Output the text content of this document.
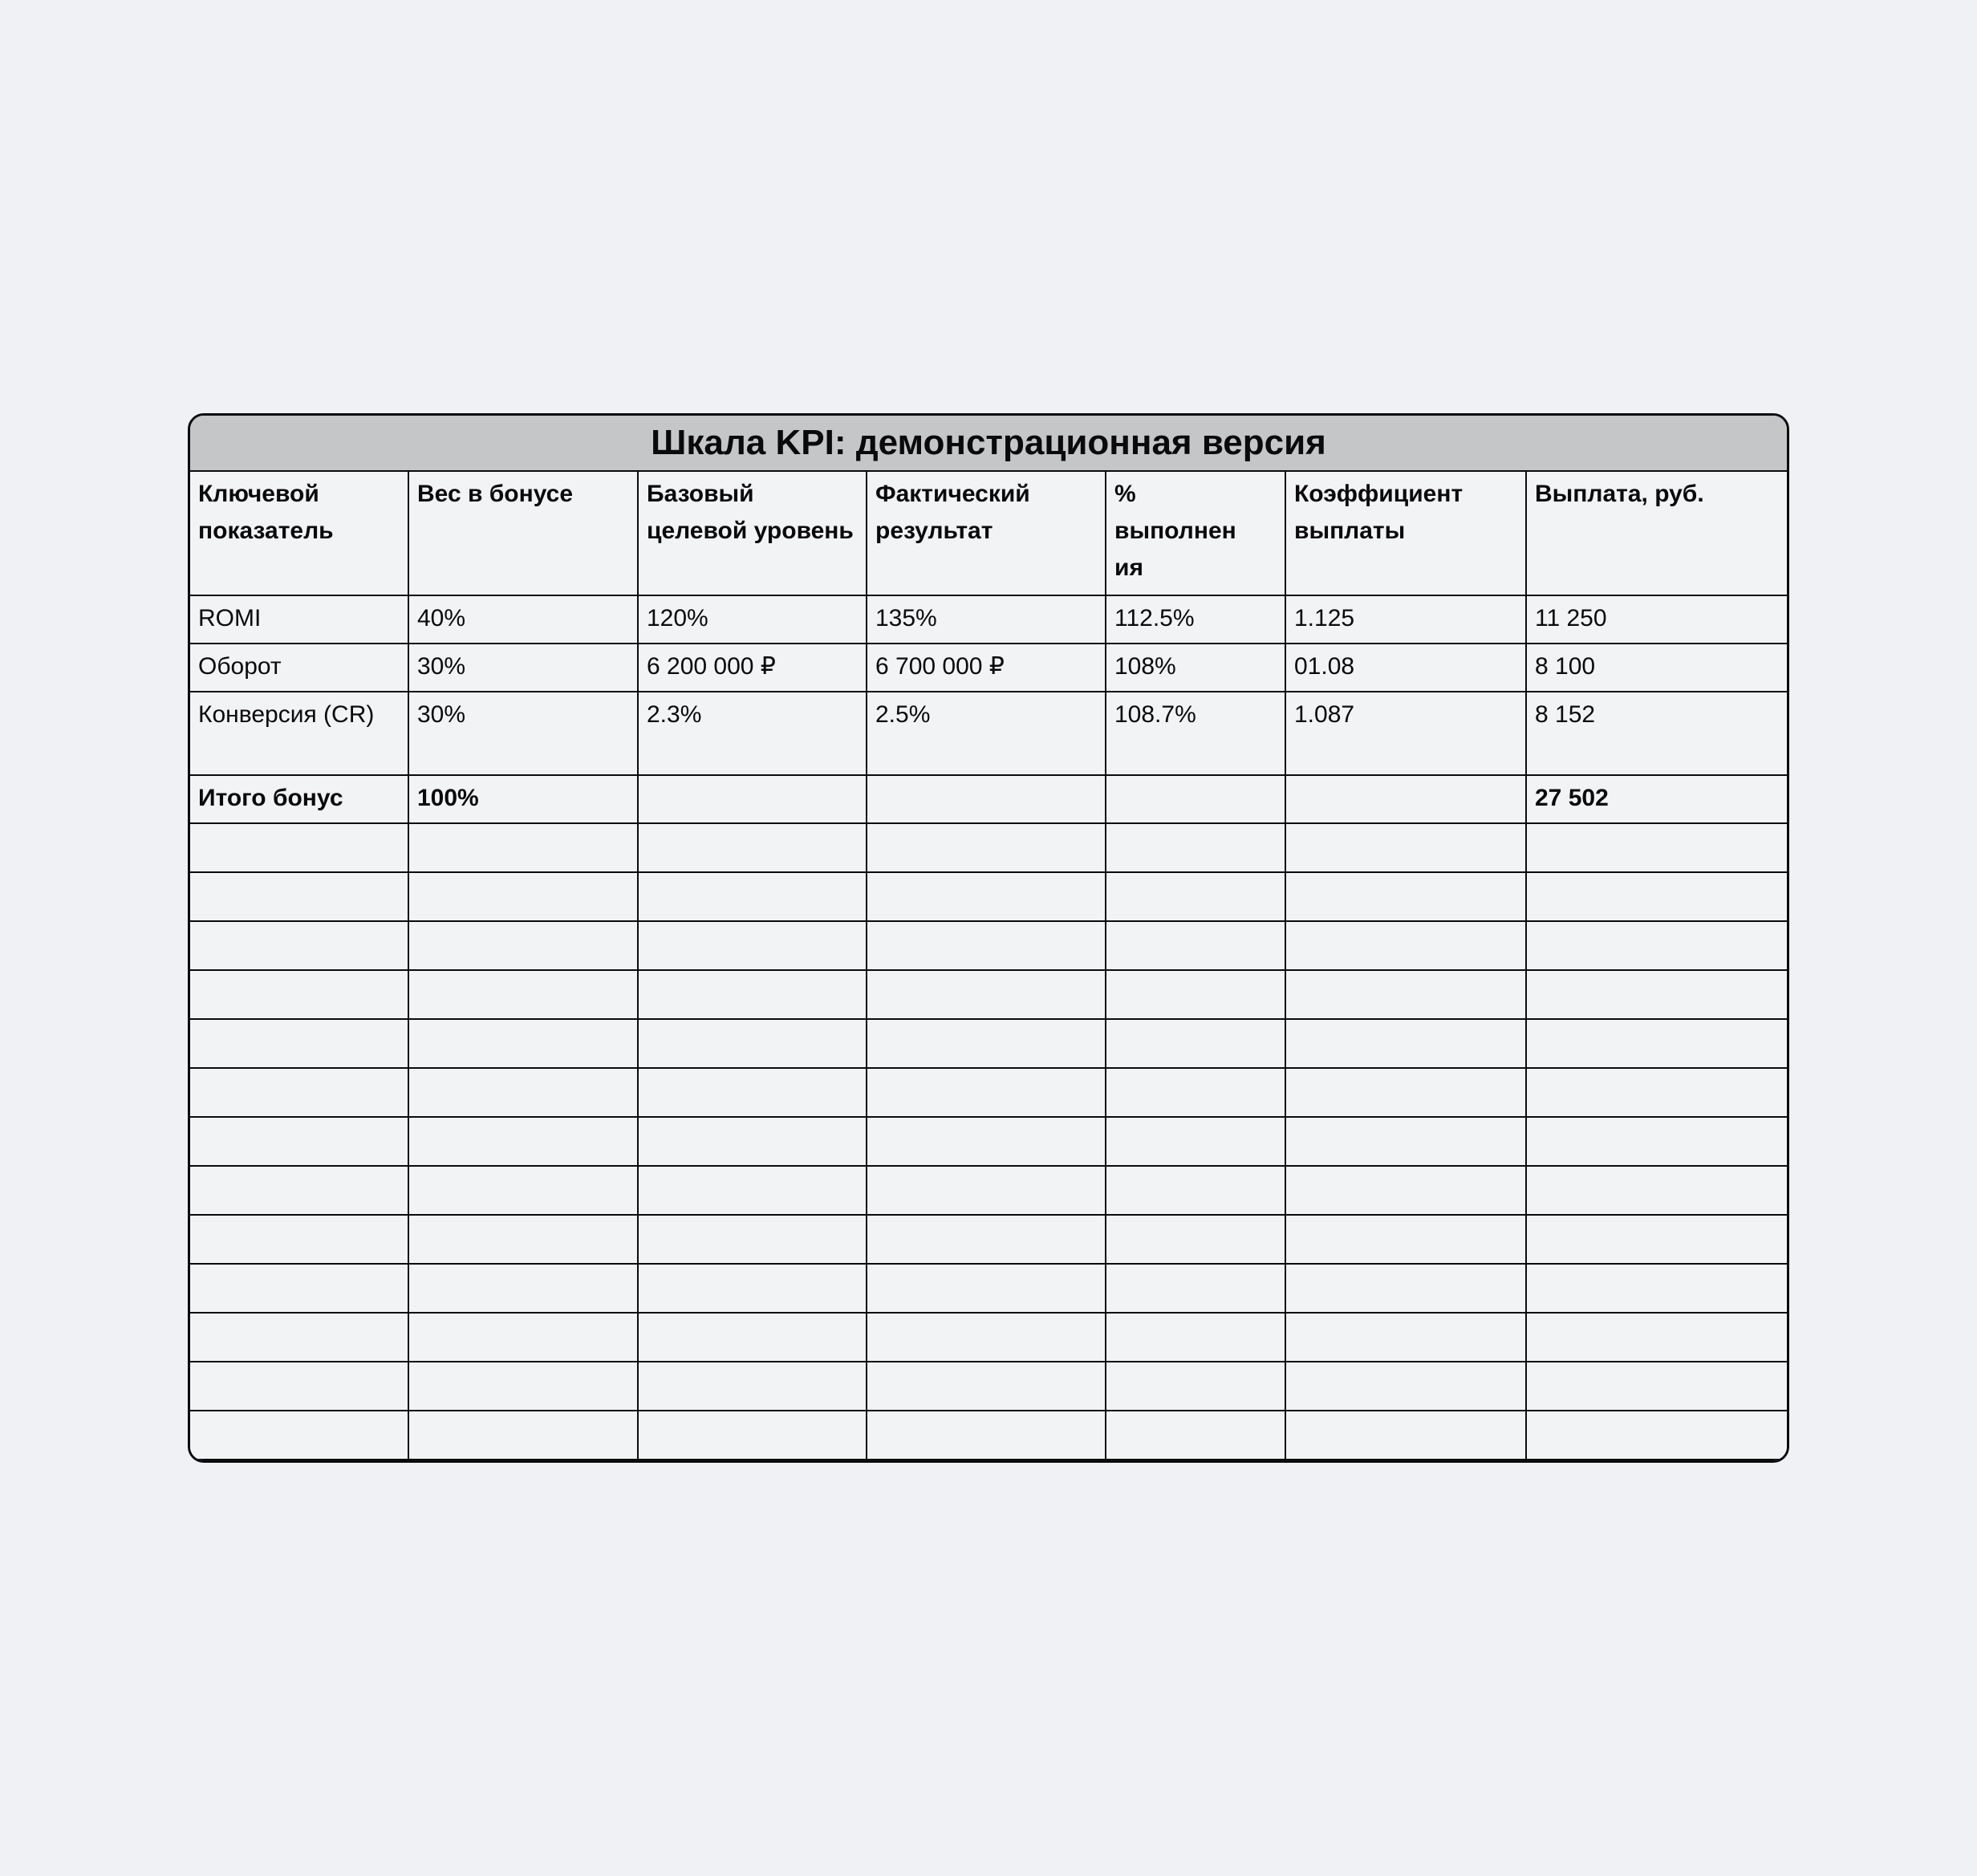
Шкала KPI: демонстрационная версия
Ключевой показатель	Вес в бонусе	Базовый целевой уровень	Фактический результат	% выполнения	Коэффициент выплаты	Выплата, руб.
ROMI	40%	120%	135%	112.5%	1.125	11 250
Оборот	30%	6 200 000 ₽	6 700 000 ₽	108%	01.08	8 100
Конверсия (CR)	30%	2.3%	2.5%	108.7%	1.087	8 152
Итого бонус	100%					27 502
